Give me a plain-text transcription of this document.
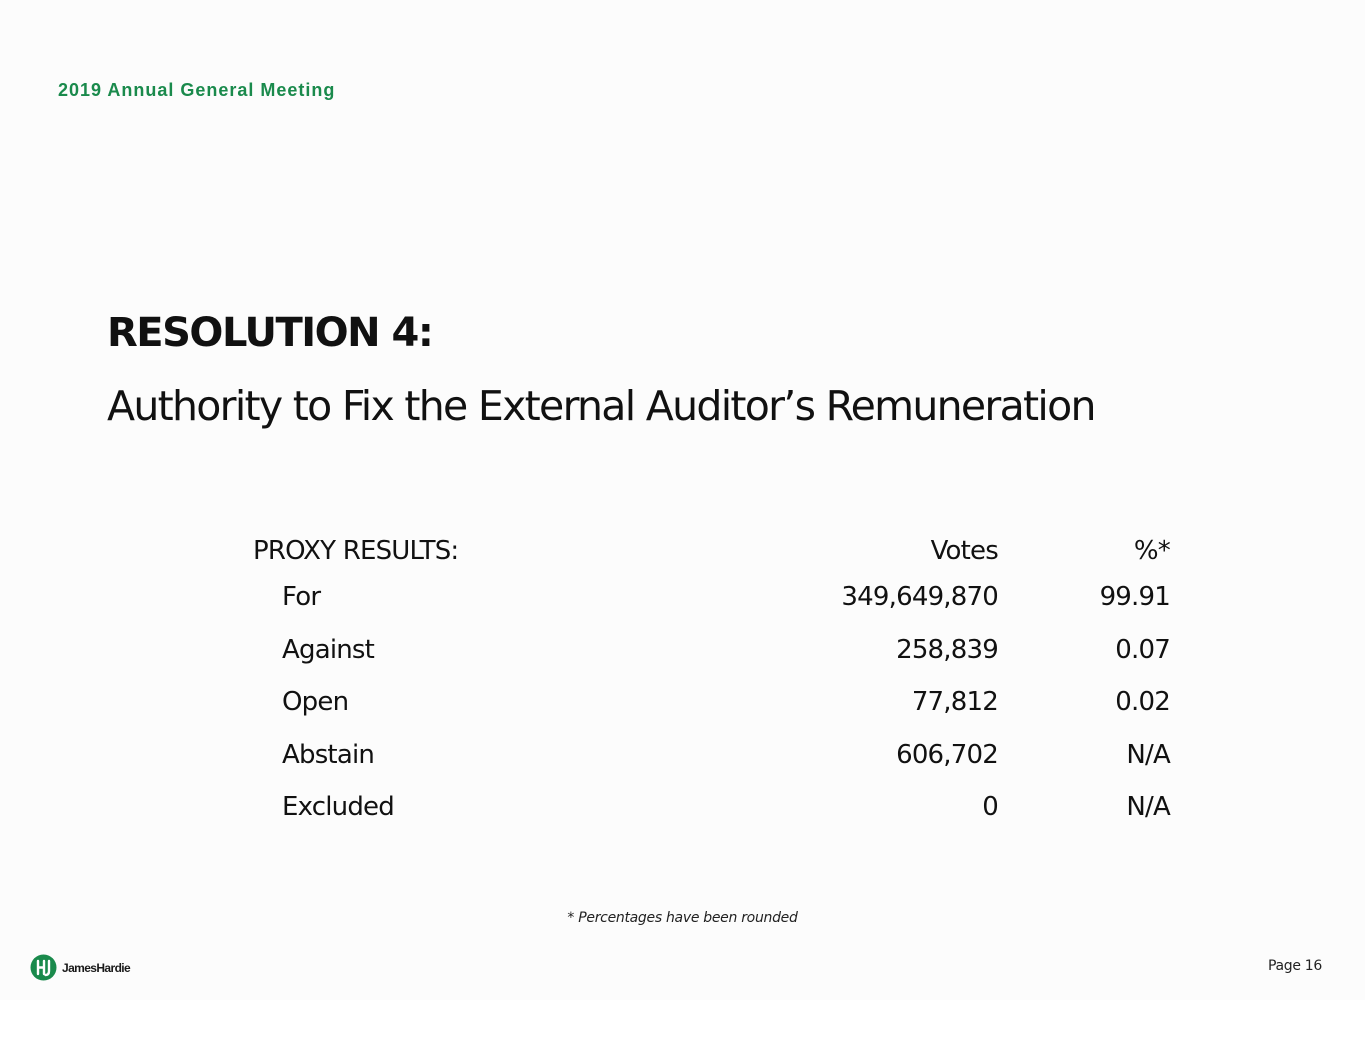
2019 Annual General Meeting
RESOLUTION 4:
Authority to Fix the External Auditor’s Remuneration
PROXY RESULTS:	Votes	%*
For	349,649,870	99.91
Against	258,839	0.07
Open	77,812	0.02
Abstain	606,702	N/A
Excluded	0	N/A
* Percentages have been rounded
JamesHardie	Page 16
